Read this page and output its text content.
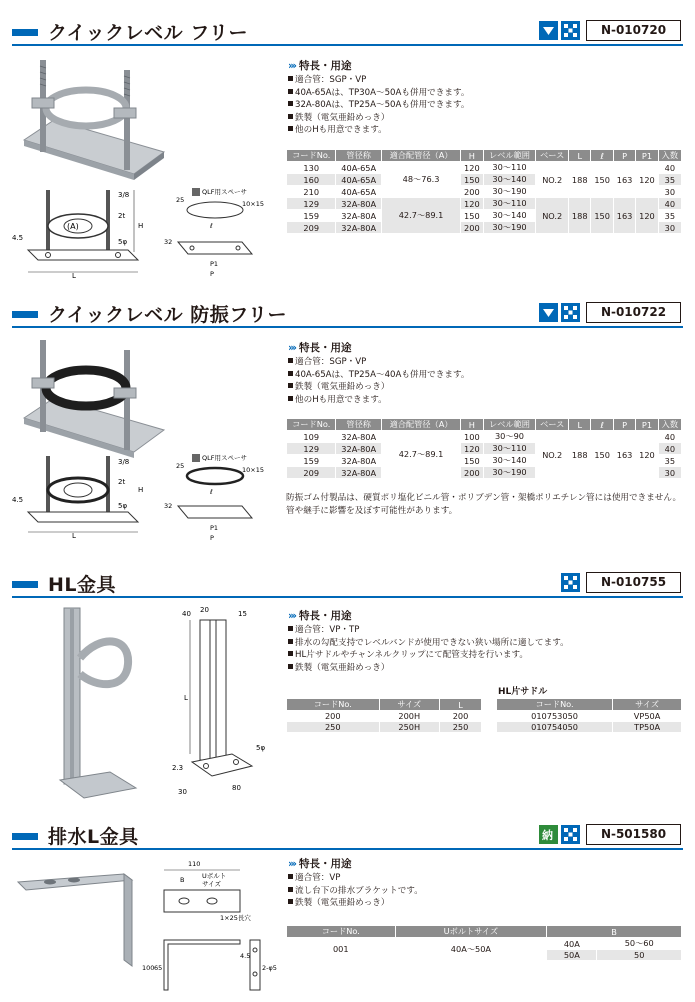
クイックレベル フリー	N-010720
(A)
3/8
2t
H
4.5	5φ
L
QLF用スペーサ
25	10×15
ℓ
32
P1
P
››› 特長・用途
適合管：SGP・VP
40A-65Aは、TP30A～50Aも併用できます。
32A-80Aは、TP25A～50Aも併用できます。
鉄製（電気亜鉛めっき）
他のHも用意できます。
コードNo.	管径称	適合配管径（A）	H	レベル範囲	ベース	L	ℓ	P	P1	入数
130	40A-65A	48～76.3	120	30～110	NO.2	188	150	163	120	40
160	40A-65A		150	30～140						35
210	40A-65A		200	30～190						30
129	32A-80A	42.7～89.1	120	30～110	NO.2	188	150	163	120	40
159	32A-80A		150	30～140						35
209	32A-80A		200	30～190						30
クイックレベル 防振フリー	N-010722
3/8
2t
H
4.5
5φ
L
QLF用スペーサ
25	10×15
ℓ
32
P1
P
››› 特長・用途
適合管：SGP・VP
40A-65Aは、TP25A～40Aも併用できます。
鉄製（電気亜鉛めっき）
他のHも用意できます。
コードNo.	管径称	適合配管径（A）	H	レベル範囲	ベース	L	ℓ	P	P1	入数
109	32A-80A	42.7～89.1	100	30～90	NO.2	188	150	163	120	40
129	32A-80A		120	30～110						40
159	32A-80A		150	30～140						35
209	32A-80A		200	30～190						30
防振ゴム付製品は、硬質ポリ塩化ビニル管・ポリブデン管・架橋ポリエチレン管には使用できません。管や継手に影響を及ぼす可能性があります。
HL金具	N-010755
40 20	15
L
5φ
2.3
30	80
››› 特長・用途
適合管：VP・TP
排水の勾配支持でレベルバンドが使用できない狭い場所に適してます。
HL片サドルやチャンネルクリップにて配管支持を行います。
鉄製（電気亜鉛めっき）
コードNo.	サイズ	L
200	200H	200
250	250H	250
HL片サドル
コードNo.	サイズ
010753050	VP50A
010754050	TP50A
排水L金具	納	N-501580
110
Uボルト
サイズ
B
1×25長穴
100 65
4.5
2-φ5
››› 特長・用途
適合管：VP
流し台下の排水ブラケットです。
鉄製（電気亜鉛めっき）
コードNo.	Uボルトサイズ	B	
001	40A～50A	40A	50～60
		50A	50
